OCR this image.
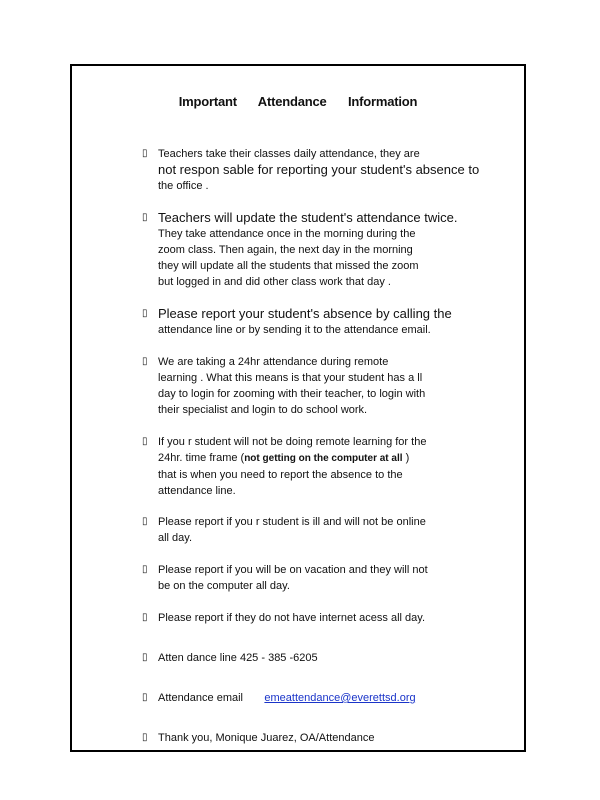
Important Attendance Information
▯ Teachers take their classes daily attendance, they are
not respon sable for reporting your student's absence to
the office .
▯ Teachers will update the student's attendance twice.
They take attendance once in the morning during the
zoom class. Then again, the next day in the morning
they will update all the students that missed the zoom
but logged in and did other class work that day .
▯ Please report your student's absence by calling the
attendance line or by sending it to the attendance email.
▯ We are taking a 24hr attendance during remote
learning . What this means is that your student has a ll
day to login for zooming with their teacher, to login with
their specialist and login to do school work.
▯ If you r student will not be doing remote learning for the
24hr. time frame (not getting on the computer at all )
that is when you need to report the absence to the
attendance line.
▯ Please report if you r student is ill and will not be online
all day.
▯ Please report if you will be on vacation and they will not
be on the computer all day.
▯ Please report if they do not have internet acess all day.
▯ Atten dance line 425 - 385 -6205
▯ Attendance email emeattendance@everettsd.org
▯ Thank you, Monique Juarez, OA/Attendance
